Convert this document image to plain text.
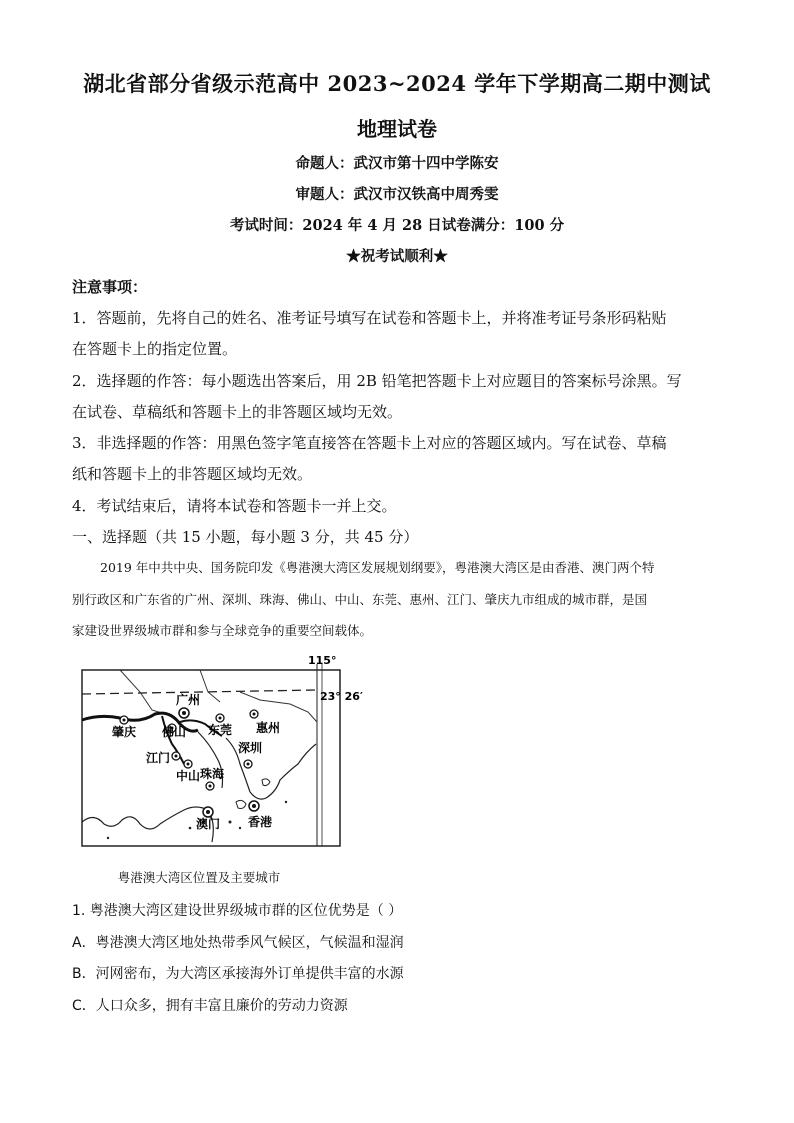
湖北省部分省级示范高中 2023~2024 学年下学期高二期中测试
地理试卷
命题人：武汉市第十四中学陈安
审题人：武汉市汉铁高中周秀雯
考试时间：2024 年 4 月 28 日试卷满分：100 分
★祝考试顺利★
注意事项：
1．答题前，先将自己的姓名、准考证号填写在试卷和答题卡上，并将准考证号条形码粘贴
在答题卡上的指定位置。
2．选择题的作答：每小题选出答案后，用 2B 铅笔把答题卡上对应题目的答案标号涂黑。写
在试卷、草稿纸和答题卡上的非答题区域均无效。
3．非选择题的作答：用黑色签字笔直接答在答题卡上对应的答题区域内。写在试卷、草稿
纸和答题卡上的非答题区域均无效。
4．考试结束后，请将本试卷和答题卡一并上交。
一、选择题（共 15 小题，每小题 3 分，共 45 分）
2019 年中共中央、国务院印发《粤港澳大湾区发展规划纲要》，粤港澳大湾区是由香港、澳门两个特
别行政区和广东省的广州、深圳、珠海、佛山、中山、东莞、惠州、江门、肇庆九市组成的城市群，是国
家建设世界级城市群和参与全球竞争的重要空间载体。
115°
23° 26′
广州
肇庆 佛山 东莞 惠州
深圳
江门
中山 珠海
澳门 香港
粤港澳大湾区位置及主要城市
1. 粤港澳大湾区建设世界级城市群的区位优势是（ ）
A．粤港澳大湾区地处热带季风气候区，气候温和湿润
B．河网密布，为大湾区承接海外订单提供丰富的水源
C．人口众多，拥有丰富且廉价的劳动力资源
